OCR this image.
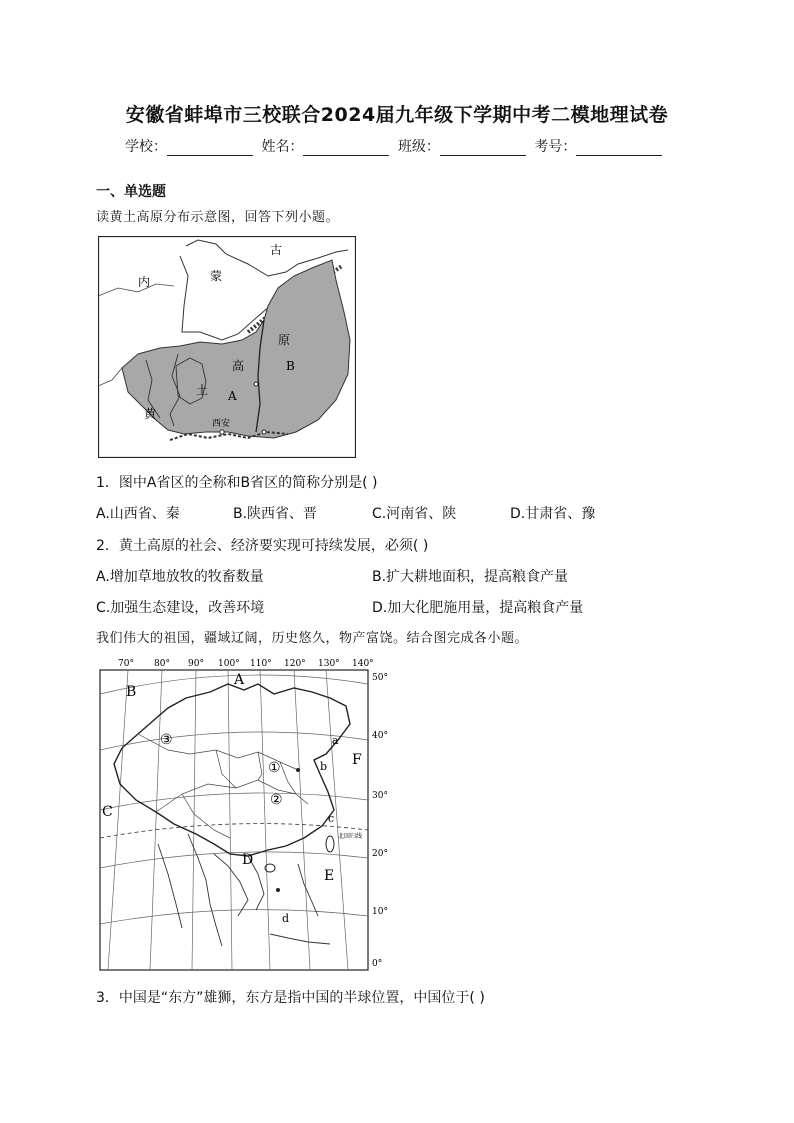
安徽省蚌埠市三校联合2024届九年级下学期中考二模地理试卷
学校：	姓名：	班级：	考号：
一、单选题
读黄土高原分布示意图，回答下列小题。
古
内	蒙
原
高
土
黄
A
B
西安
1．图中A省区的全称和B省区的简称分别是( )
A.山西省、秦	B.陕西省、晋	C.河南省、陕	D.甘肃省、豫
2．黄土高原的社会、经济要实现可持续发展，必须( )
A.增加草地放牧的牧畜数量	B.扩大耕地面积，提高粮食产量
C.加强生态建设，改善环境	D.加大化肥施用量，提高粮食产量
我们伟大的祖国，疆域辽阔，历史悠久，物产富饶。结合图完成各小题。
70° 80° 90° 100° 110° 120° 130° 140°
50°
40°
30°
20°
10°
0°
A
B
C
D
E
F
①
②
③	a
b
c
d
北回归线
3．中国是“东方”雄狮，东方是指中国的半球位置，中国位于( )
